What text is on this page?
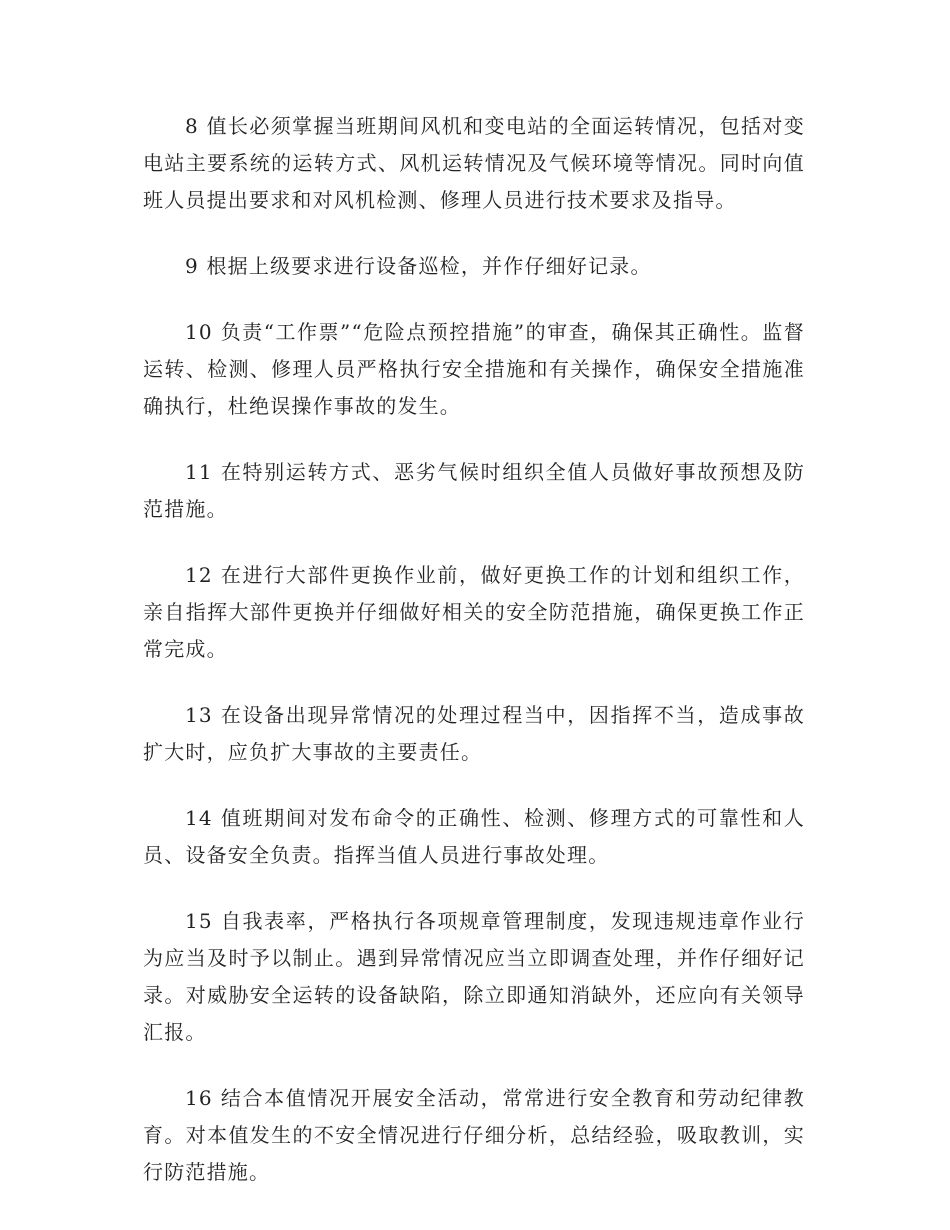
8 值长必须掌握当班期间风机和变电站的全面运转情况，包括对变电站主要系统的运转方式、风机运转情况及气候环境等情况。同时向值班人员提出要求和对风机检测、修理人员进行技术要求及指导。

9 根据上级要求进行设备巡检，并作仔细好记录。

10 负责“工作票”“危险点预控措施”的审查，确保其正确性。监督运转、检测、修理人员严格执行安全措施和有关操作，确保安全措施准确执行，杜绝误操作事故的发生。

11 在特别运转方式、恶劣气候时组织全值人员做好事故预想及防范措施。

12 在进行大部件更换作业前，做好更换工作的计划和组织工作，亲自指挥大部件更换并仔细做好相关的安全防范措施，确保更换工作正常完成。

13 在设备出现异常情况的处理过程当中，因指挥不当，造成事故扩大时，应负扩大事故的主要责任。

14 值班期间对发布命令的正确性、检测、修理方式的可靠性和人员、设备安全负责。指挥当值人员进行事故处理。

15 自我表率，严格执行各项规章管理制度，发现违规违章作业行为应当及时予以制止。遇到异常情况应当立即调查处理，并作仔细好记录。对威胁安全运转的设备缺陷，除立即通知消缺外，还应向有关领导汇报。

16 结合本值情况开展安全活动，常常进行安全教育和劳动纪律教育。对本值发生的不安全情况进行仔细分析，总结经验，吸取教训，实行防范措施。
